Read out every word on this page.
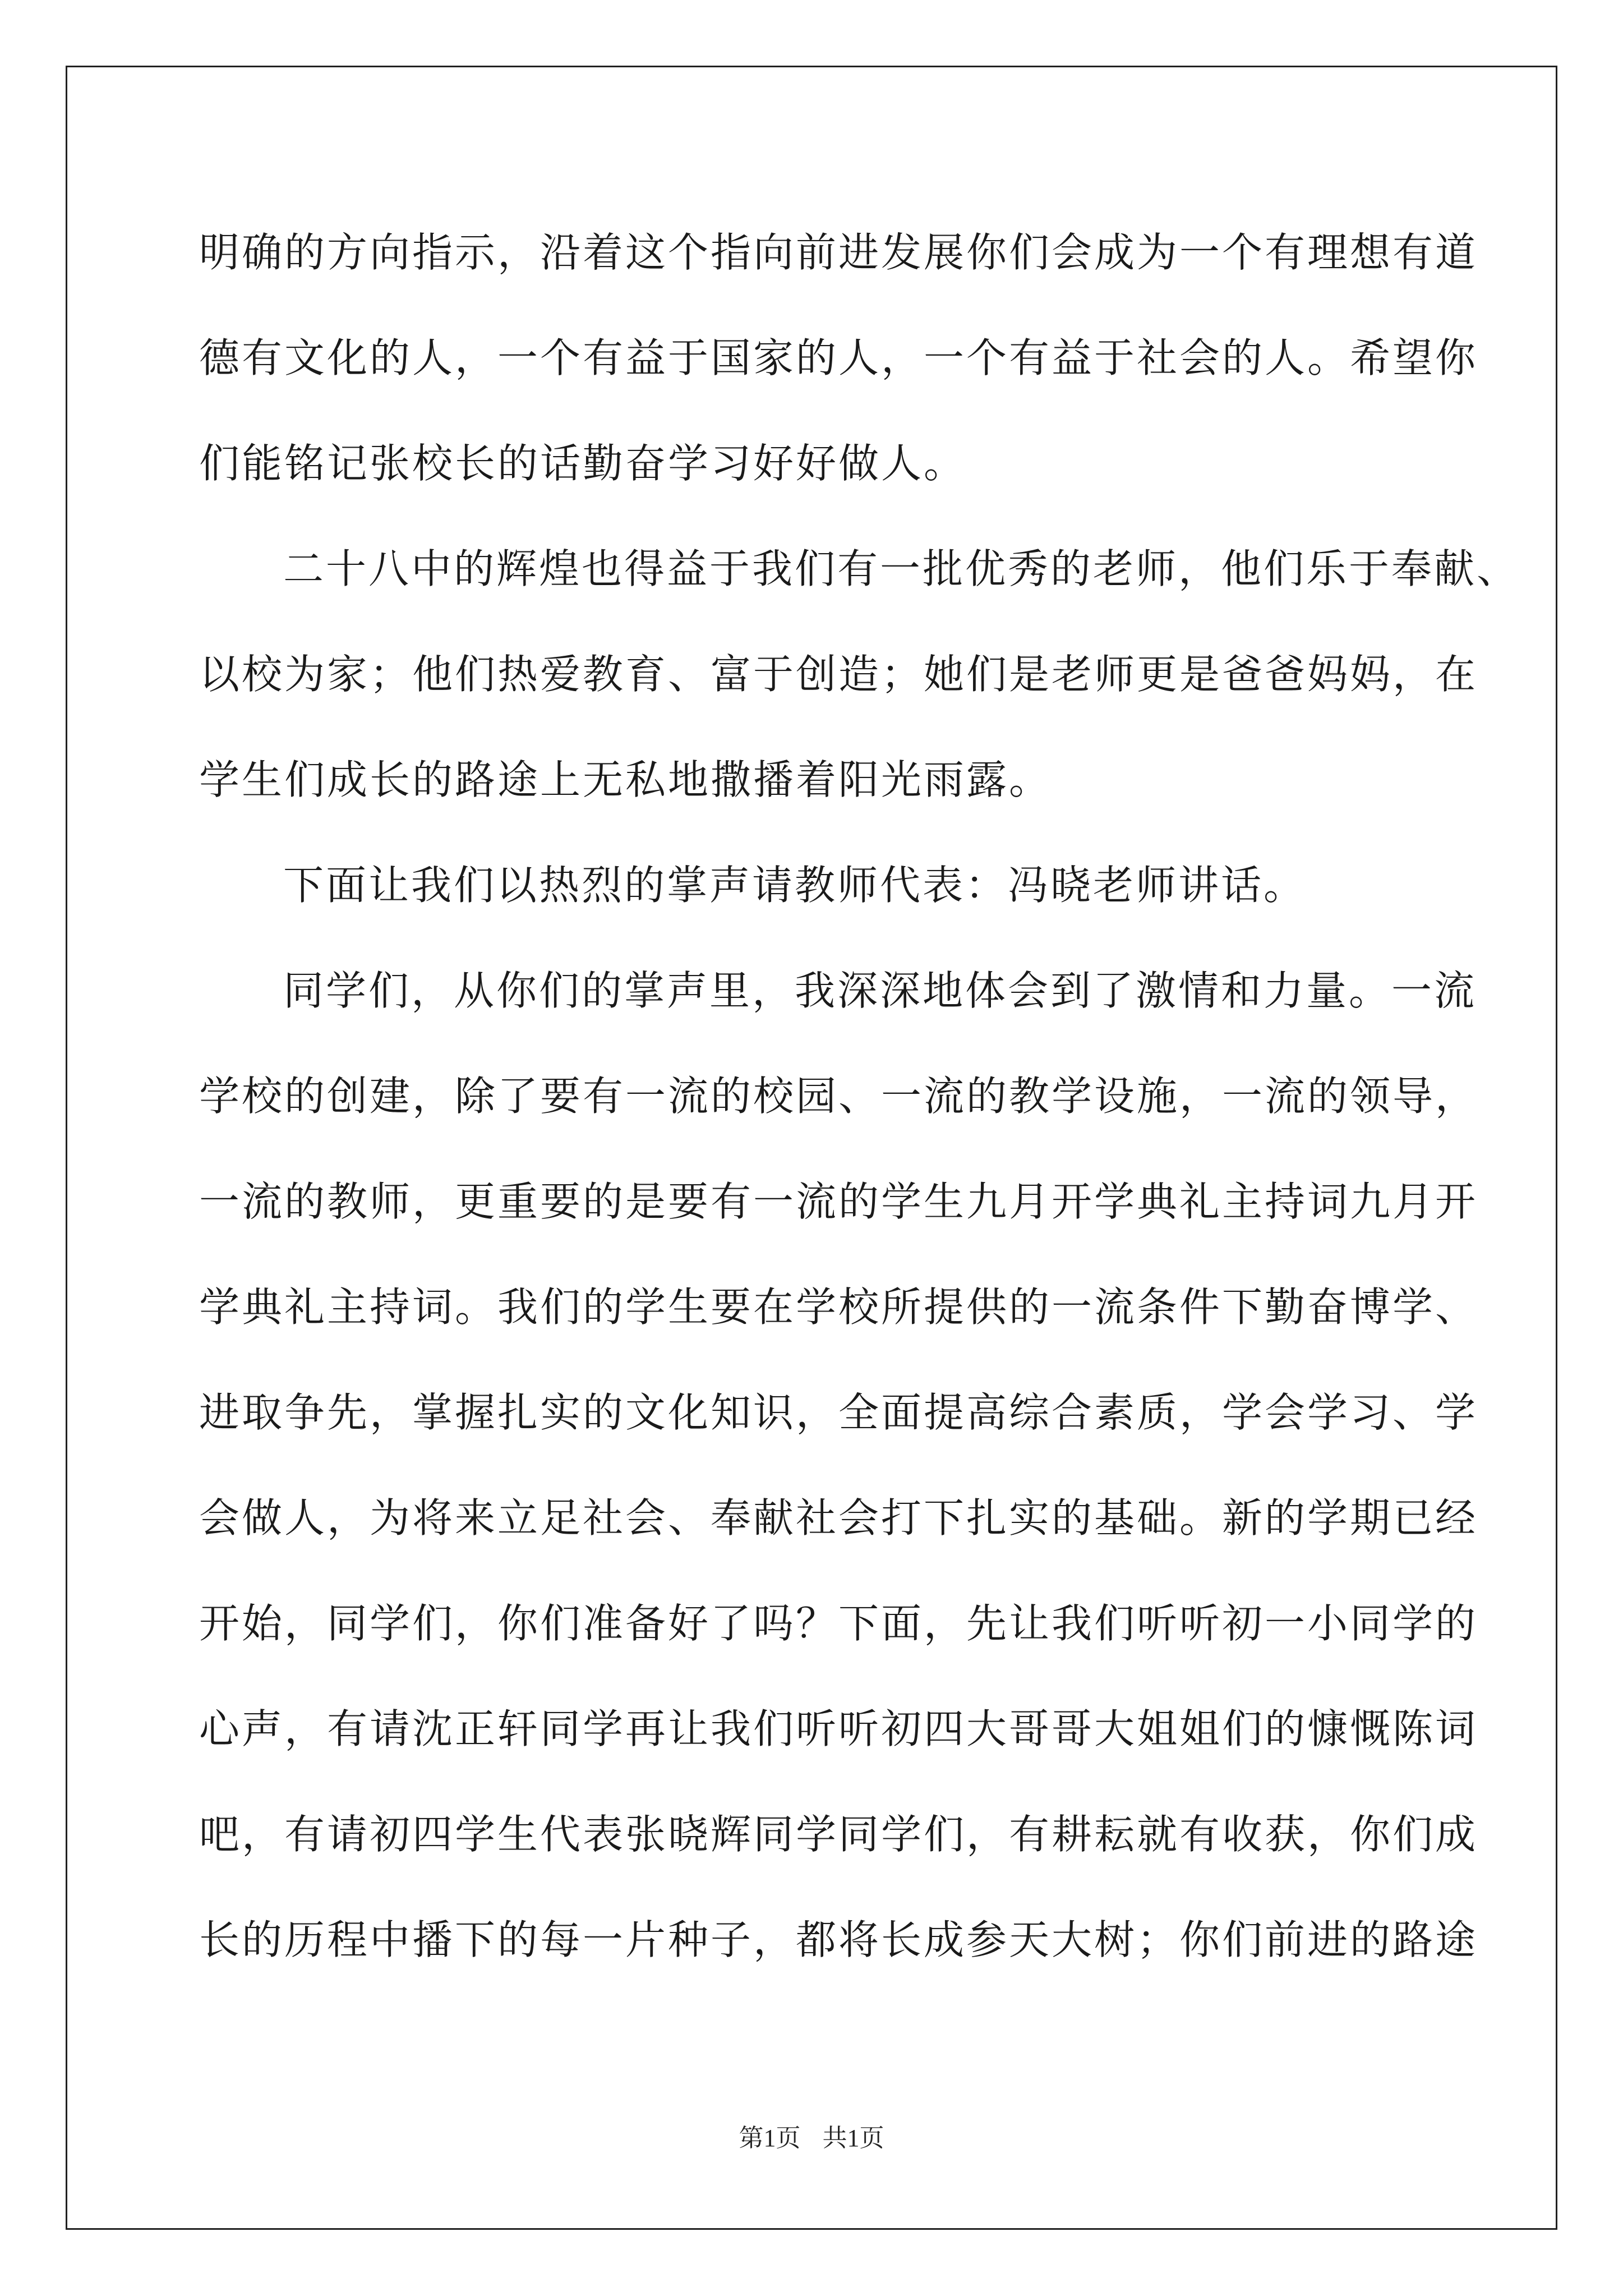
明确的方向指示，沿着这个指向前进发展你们会成为一个有理想有道
德有文化的人，一个有益于国家的人，一个有益于社会的人。希望你
们能铭记张校长的话勤奋学习好好做人。
二十八中的辉煌也得益于我们有一批优秀的老师，他们乐于奉献、
以校为家；他们热爱教育、富于创造；她们是老师更是爸爸妈妈，在
学生们成长的路途上无私地撒播着阳光雨露。
下面让我们以热烈的掌声请教师代表：冯晓老师讲话。
同学们，从你们的掌声里，我深深地体会到了激情和力量。一流
学校的创建，除了要有一流的校园、一流的教学设施，一流的领导，
一流的教师，更重要的是要有一流的学生九月开学典礼主持词九月开
学典礼主持词。我们的学生要在学校所提供的一流条件下勤奋博学、
进取争先，掌握扎实的文化知识，全面提高综合素质，学会学习、学
会做人，为将来立足社会、奉献社会打下扎实的基础。新的学期已经
开始，同学们，你们准备好了吗？下面，先让我们听听初一小同学的
心声，有请沈正轩同学再让我们听听初四大哥哥大姐姐们的慷慨陈词
吧，有请初四学生代表张晓辉同学同学们，有耕耘就有收获，你们成
长的历程中播下的每一片种子，都将长成参天大树；你们前进的路途
第1页 共1页
